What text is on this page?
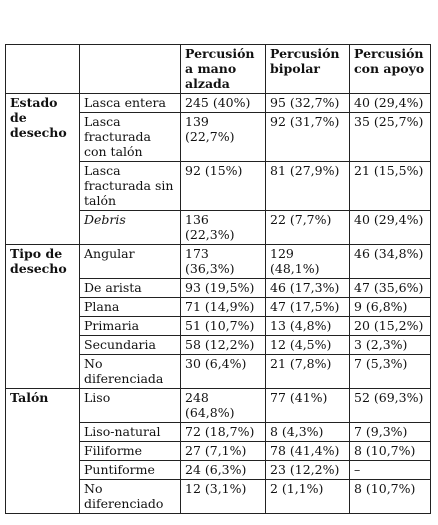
		Percusión a mano alzada	Percusión bipolar	Percusión con apoyo
Estado de desecho	Lasca entera	245 (40%)	95 (32,7%)	40 (29,4%)
	Lasca fracturada con talón	139 (22,7%)	92 (31,7%)	35 (25,7%)
	Lasca fracturada sin talón	92 (15%)	81 (27,9%)	21 (15,5%)
	Debris	136 (22,3%)	22 (7,7%)	40 (29,4%)
Tipo de desecho	Angular	173 (36,3%)	129 (48,1%)	46 (34,8%)
	De arista	93 (19,5%)	46 (17,3%)	47 (35,6%)
	Plana	71 (14,9%)	47 (17,5%)	9 (6,8%)
	Primaria	51 (10,7%)	13 (4,8%)	20 (15,2%)
	Secundaria	58 (12,2%)	12 (4,5%)	3 (2,3%)
	No diferenciada	30 (6,4%)	21 (7,8%)	7 (5,3%)
Talón	Liso	248 (64,8%)	77 (41%)	52 (69,3%)
	Liso-natural	72 (18,7%)	8 (4,3%)	7 (9,3%)
	Filiforme	27 (7,1%)	78 (41,4%)	8 (10,7%)
	Puntiforme	24 (6,3%)	23 (12,2%)	–
	No diferenciado	12 (3,1%)	2 (1,1%)	8 (10,7%)
